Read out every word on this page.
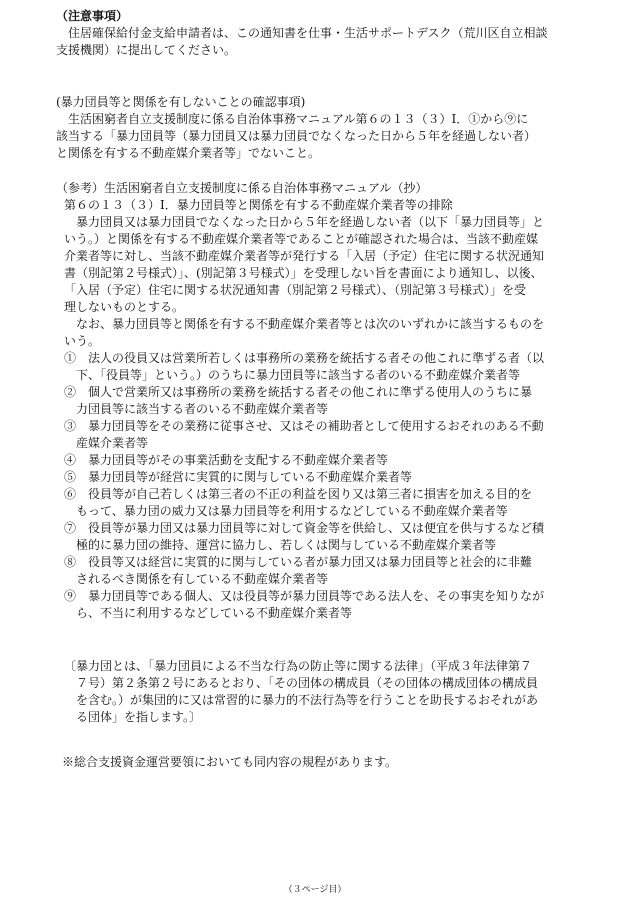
（注意事項）
　住居確保給付金支給申請者は、この通知書を仕事・生活サポートデスク（荒川区自立相談
支援機関）に提出してください。
(暴力団員等と関係を有しないことの確認事項)
　生活困窮者自立支援制度に係る自治体事務マニュアル第６の１３（３）Ⅰ．①から⑨に
該当する「暴力団員等（暴力団員又は暴力団員でなくなった日から５年を経過しない者）
と関係を有する不動産媒介業者等」でないこと。
（参考）生活困窮者自立支援制度に係る自治体事務マニュアル（抄）
第６の１３（３）Ⅰ．暴力団員等と関係を有する不動産媒介業者等の排除
　暴力団員又は暴力団員でなくなった日から５年を経過しない者（以下「暴力団員等」と
いう。）と関係を有する不動産媒介業者等であることが確認された場合は、当該不動産媒
介業者等に対し、当該不動産媒介業者等が発行する「入居（予定）住宅に関する状況通知
書（別記第２号様式）」、(別記第３号様式）」を受理しない旨を書面により通知し、以後、
「入居（予定）住宅に関する状況通知書（別記第２号様式）、（別記第３号様式）」を受
理しないものとする。
　なお、暴力団員等と関係を有する不動産媒介業者等とは次のいずれかに該当するものを
いう。
①　法人の役員又は営業所若しくは事務所の業務を統括する者その他これに準ずる者（以
　下、「役員等」という。）のうちに暴力団員等に該当する者のいる不動産媒介業者等
②　個人で営業所又は事務所の業務を統括する者その他これに準ずる使用人のうちに暴
　力団員等に該当する者のいる不動産媒介業者等
③　暴力団員等をその業務に従事させ、又はその補助者として使用するおそれのある不動
　産媒介業者等
④　暴力団員等がその事業活動を支配する不動産媒介業者等
⑤　暴力団員等が経営に実質的に関与している不動産媒介業者等
⑥　役員等が自己若しくは第三者の不正の利益を図り又は第三者に損害を加える目的を
　もって、暴力団の威力又は暴力団員等を利用するなどしている不動産媒介業者等
⑦　役員等が暴力団又は暴力団員等に対して資金等を供給し、又は便宜を供与するなど積
　極的に暴力団の維持、運営に協力し、若しくは関与している不動産媒介業者等
⑧　役員等又は経営に実質的に関与している者が暴力団又は暴力団員等と社会的に非難
　されるべき関係を有している不動産媒介業者等
⑨　暴力団員等である個人、又は役員等が暴力団員等である法人を、その事実を知りなが
　ら、不当に利用するなどしている不動産媒介業者等
〔暴力団とは、「暴力団員による不当な行為の防止等に関する法律」（平成３年法律第７
　７号）第２条第２号にあるとおり、「その団体の構成員（その団体の構成団体の構成員
　を含む。）が集団的に又は常習的に暴力的不法行為等を行うことを助長するおそれがあ
　る団体」を指します。〕
※総合支援資金運営要領においても同内容の規程があります。
（３ページ目）
